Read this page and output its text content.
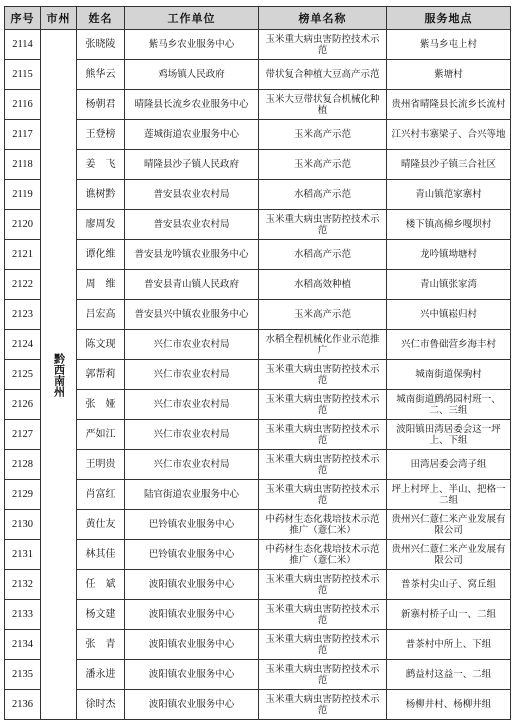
序号	市州	姓名	工作单位	榜单名称	服务地点
2114	黔西南州	张晓陵	紫马乡农业服务中心	玉米重大病虫害防控技术示范	紫马乡屯上村
2115		熊华云	鸡场镇人民政府	带状复合种植大豆高产示范	紫塘村
2116		杨朝君	晴隆县长流乡农业服务中心	玉米大豆带状复合机械化种植	贵州省晴隆县长流乡长流村
2117		王登榜	莲城街道农业服务中心	玉米高产示范	江兴村韦寨梁子、合兴等地
2118		姜　飞	晴隆县沙子镇人民政府	玉米高产示范	晴隆县沙子镇三合社区
2119		谯树黔	普安县农业农村局	水稻高产示范	青山镇范家寨村
2120		廖周发	普安县农业农村局	玉米重大病虫害防控技术示范	楼下镇高棉乡嘎坝村
2121		谭化维	普安县龙吟镇农业服务中心	水稻高产示范	龙吟镇坳塘村
2122		周　维	普安县青山镇人民政府	水稻高效种植	青山镇张家湾
2123		吕宏高	普安县兴中镇农业服务中心	玉米高产示范	兴中镇崧归村
2124		陈文现	兴仁市农业农村局	水稻全程机械化作业示范推广	兴仁市鲁础营乡海丰村
2125		郭帮莉	兴仁市农业农村局	玉米重大病虫害防控技术示范	城南街道保驹村
2126		张　娅	兴仁市农业农村局	玉米重大病虫害防控技术示范	城南街道鹧鸪园村班一、二、三组
2127		严如江	兴仁市农业农村局	玉米重大病虫害防控技术示范	波阳镇田湾居委会这一坪上、下组
2128		王明贵	兴仁市农业农村局	玉米重大病虫害防控技术示范	田湾居委会湾子组
2129		肖富红	陆官街道农业服务中心	玉米重大病虫害防控技术示范	坪上村坪上、半山、把格一二组
2130		黄仕友	巴铃镇农业服务中心	中药材生态化栽培技术示范推广（薏仁米）	贵州兴仁薏仁米产业发展有限公司
2131		林其佳	巴铃镇农业服务中心	中药材生态化栽培技术示范推广（薏仁米）	贵州兴仁薏仁米产业发展有限公司
2132		任　斌	波阳镇农业服务中心	玉米重大病虫害防控技术示范	普茶村尖山子、窝丘组
2133		杨文建	波阳镇农业服务中心	玉米重大病虫害防控技术示范	新寨村桥子山一、二组
2134		张　青	波阳镇农业服务中心	玉米重大病虫害防控技术示范	普茶村中所上、下组
2135		潘永进	波阳镇农业服务中心	玉米重大病虫害防控技术示范	鹧益村这益一、二组
2136		徐时杰	波阳镇农业服务中心	玉米重大病虫害防控技术示范	杨柳井村、杨柳井组
